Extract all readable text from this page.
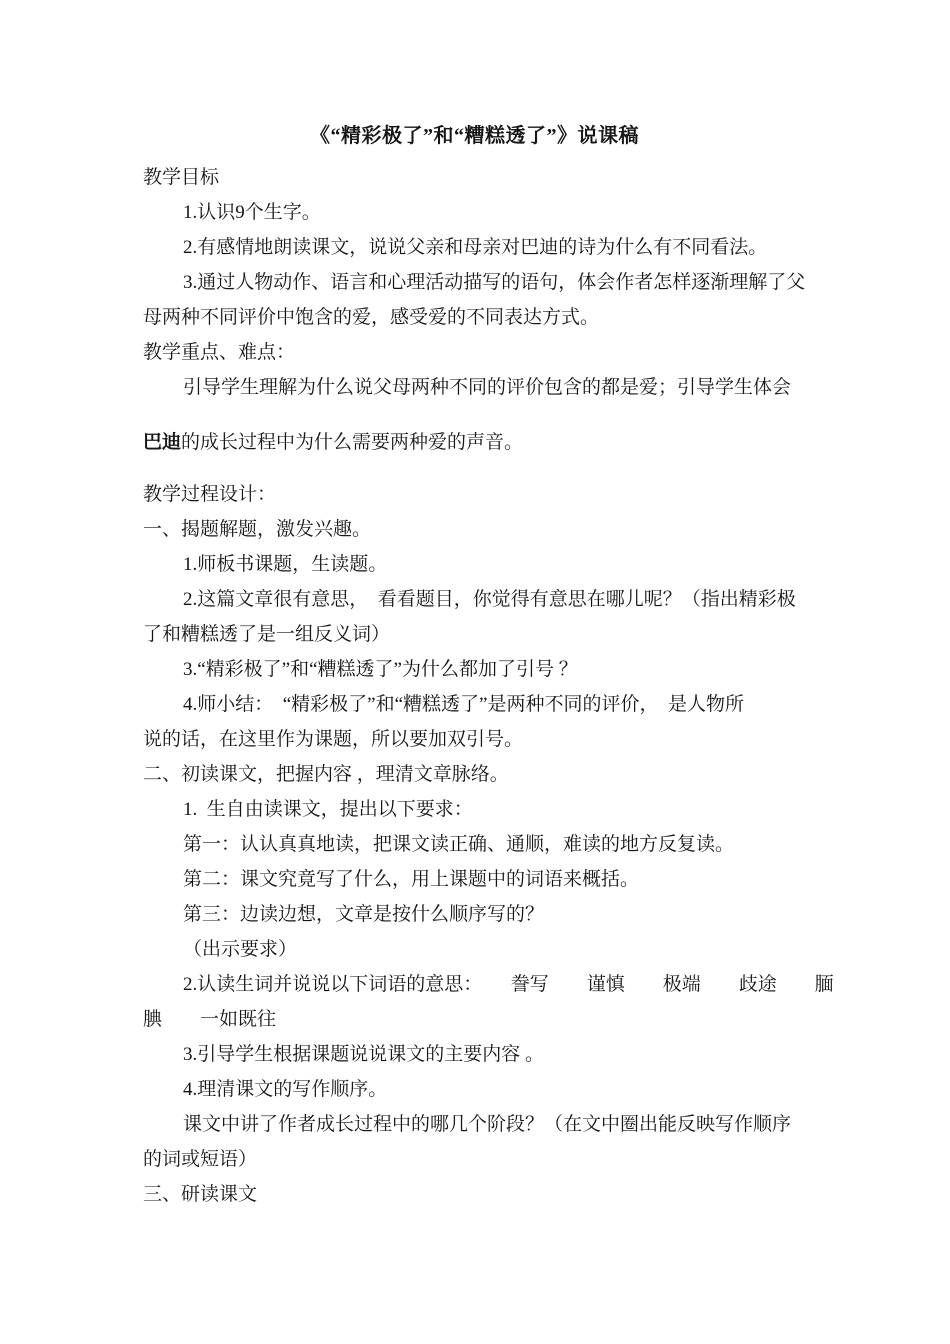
《“精彩极了”和“糟糕透了”》说课稿
教学目标
1.认识9个生字。
2.有感情地朗读课文，说说父亲和母亲对巴迪的诗为什么有不同看法。
3.通过人物动作、语言和心理活动描写的语句，体会作者怎样逐渐理解了父
母两种不同评价中饱含的爱，感受爱的不同表达方式。
教学重点、难点：
引导学生理解为什么说父母两种不同的评价包含的都是爱；引导学生体会
巴迪的成长过程中为什么需要两种爱的声音。
教学过程设计：
一、揭题解题，激发兴趣。
1.师板书课题，生读题。
2.这篇文章很有意思，　看看题目，你觉得有意思在哪儿呢？（指出精彩极
了和糟糕透了是一组反义词）
3.“精彩极了”和“糟糕透了”为什么都加了引号 ？
4.师小结：　“精彩极了”和“糟糕透了”是两种不同的评价，　是人物所
说的话，在这里作为课题，所以要加双引号。
二、初读课文，把握内容 ，理清文章脉络。
1.  生自由读课文，提出以下要求：
第一：认认真真地读，把课文读正确、通顺，难读的地方反复读。
第二：课文究竟写了什么，用上课题中的词语来概括。
第三：边读边想，文章是按什么顺序写的？
（出示要求）
2.认读生词并说说以下词语的意思：　　誊写　　谨慎　　极端　　歧途　　腼
腆　　一如既往
3.引导学生根据课题说说课文的主要内容 。
4.理清课文的写作顺序。
课文中讲了作者成长过程中的哪几个阶段？（在文中圈出能反映写作顺序
的词或短语）
三、研读课文
